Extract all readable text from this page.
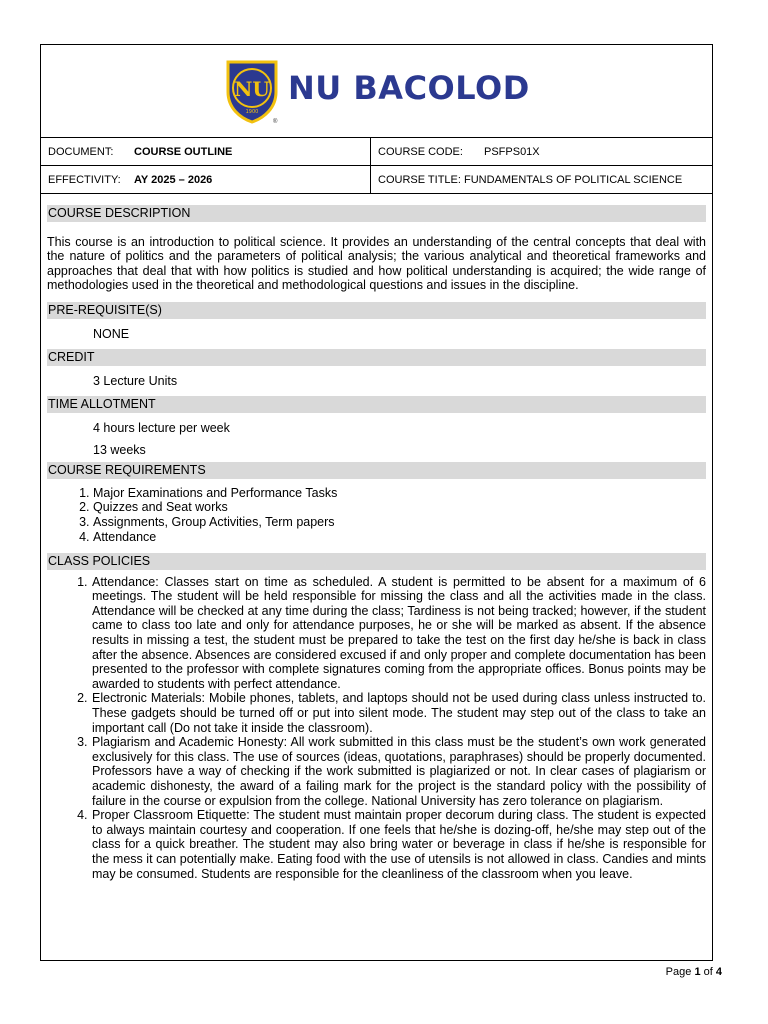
NU
1900
NU BACOLOD
®
DOCUMENT:	COURSE OUTLINE	COURSE CODE:	PSFPS01X
EFFECTIVITY:	AY 2025 – 2026	COURSE TITLE: FUNDAMENTALS OF POLITICAL SCIENCE
COURSE DESCRIPTION
This course is an introduction to political science. It provides an understanding of the central concepts that deal with the nature of politics and the parameters of political analysis; the various analytical and theoretical frameworks and approaches that deal that with how politics is studied and how political understanding is acquired; the wide range of methodologies used in the theoretical and methodological questions and issues in the discipline.
PRE-REQUISITE(S)
NONE
CREDIT
3 Lecture Units
TIME ALLOTMENT
4 hours lecture per week
13 weeks
COURSE REQUIREMENTS
1. Major Examinations and Performance Tasks
2. Quizzes and Seat works
3. Assignments, Group Activities, Term papers
4. Attendance
CLASS POLICIES
1. Attendance: Classes start on time as scheduled. A student is permitted to be absent for a maximum of 6 meetings. The student will be held responsible for missing the class and all the activities made in the class. Attendance will be checked at any time during the class; Tardiness is not being tracked; however, if the student came to class too late and only for attendance purposes, he or she will be marked as absent. If the absence results in missing a test, the student must be prepared to take the test on the first day he/she is back in class after the absence. Absences are considered excused if and only proper and complete documentation has been presented to the professor with complete signatures coming from the appropriate offices. Bonus points may be awarded to students with perfect attendance.
2. Electronic Materials: Mobile phones, tablets, and laptops should not be used during class unless instructed to. These gadgets should be turned off or put into silent mode. The student may step out of the class to take an important call (Do not take it inside the classroom).
3. Plagiarism and Academic Honesty: All work submitted in this class must be the student’s own work generated exclusively for this class. The use of sources (ideas, quotations, paraphrases) should be properly documented. Professors have a way of checking if the work submitted is plagiarized or not. In clear cases of plagiarism or academic dishonesty, the award of a failing mark for the project is the standard policy with the possibility of failure in the course or expulsion from the college. National University has zero tolerance on plagiarism.
4. Proper Classroom Etiquette: The student must maintain proper decorum during class. The student is expected to always maintain courtesy and cooperation. If one feels that he/she is dozing-off, he/she may step out of the class for a quick breather. The student may also bring water or beverage in class if he/she is responsible for the mess it can potentially make. Eating food with the use of utensils is not allowed in class. Candies and mints may be consumed. Students are responsible for the cleanliness of the classroom when you leave.
Page 1 of 4
